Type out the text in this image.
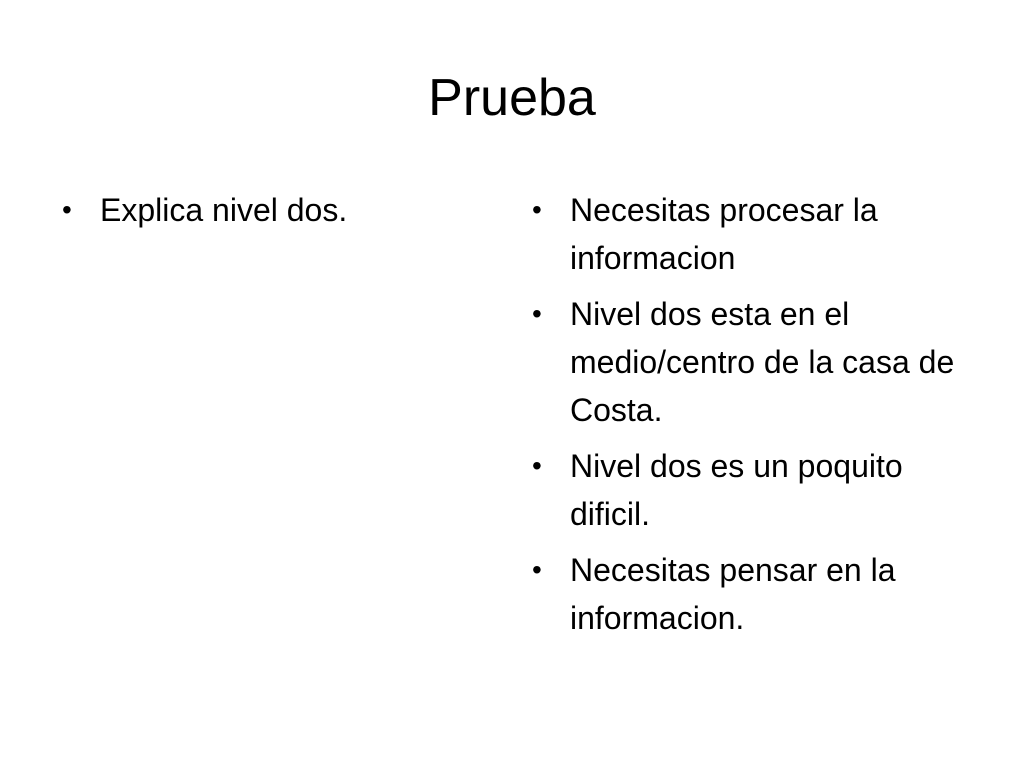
Prueba
• Explica nivel dos.	• Necesitas procesar la informacion
• Nivel dos esta en el medio/centro de la casa de Costa.
• Nivel dos es un poquito dificil.
• Necesitas pensar en la informacion.
